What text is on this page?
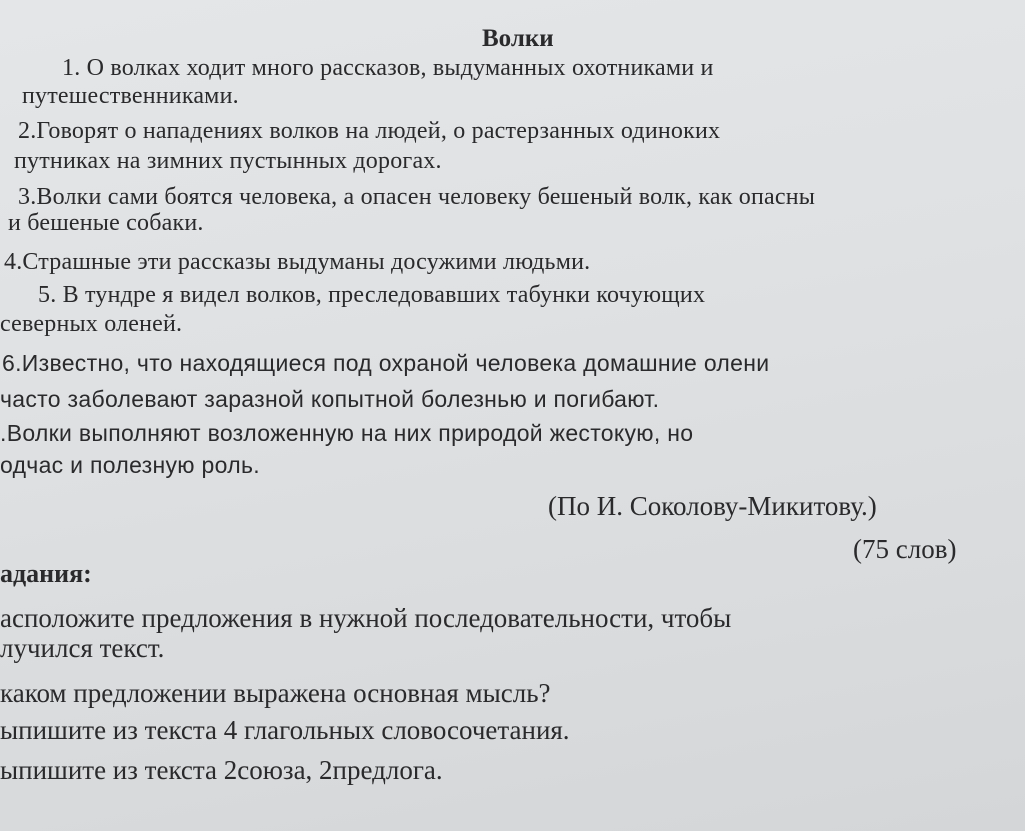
Волки
1. О волках ходит много рассказов, выдуманных охотниками и
путешественниками.
2.Говорят о нападениях волков на людей, о растерзанных одиноких
путниках на зимних пустынных дорогах.
3.Волки сами боятся человека, а опасен человеку бешеный волк, как опасны
и бешеные собаки.
4.Страшные эти рассказы выдуманы досужими людьми.
5. В тундре я видел волков, преследовавших табунки кочующих
северных оленей.
6.Известно, что находящиеся под охраной человека домашние олени
часто заболевают заразной копытной болезнью и погибают.
.Волки выполняют возложенную на них природой жестокую, но
одчас и полезную роль.
(По И. Соколову-Микитову.)
(75 слов)
адания:
асположите предложения в нужной последовательности, чтобы
лучился текст.
каком предложении выражена основная мысль?
ыпишите из текста 4 глагольных словосочетания.
ыпишите из текста 2союза, 2предлога.
